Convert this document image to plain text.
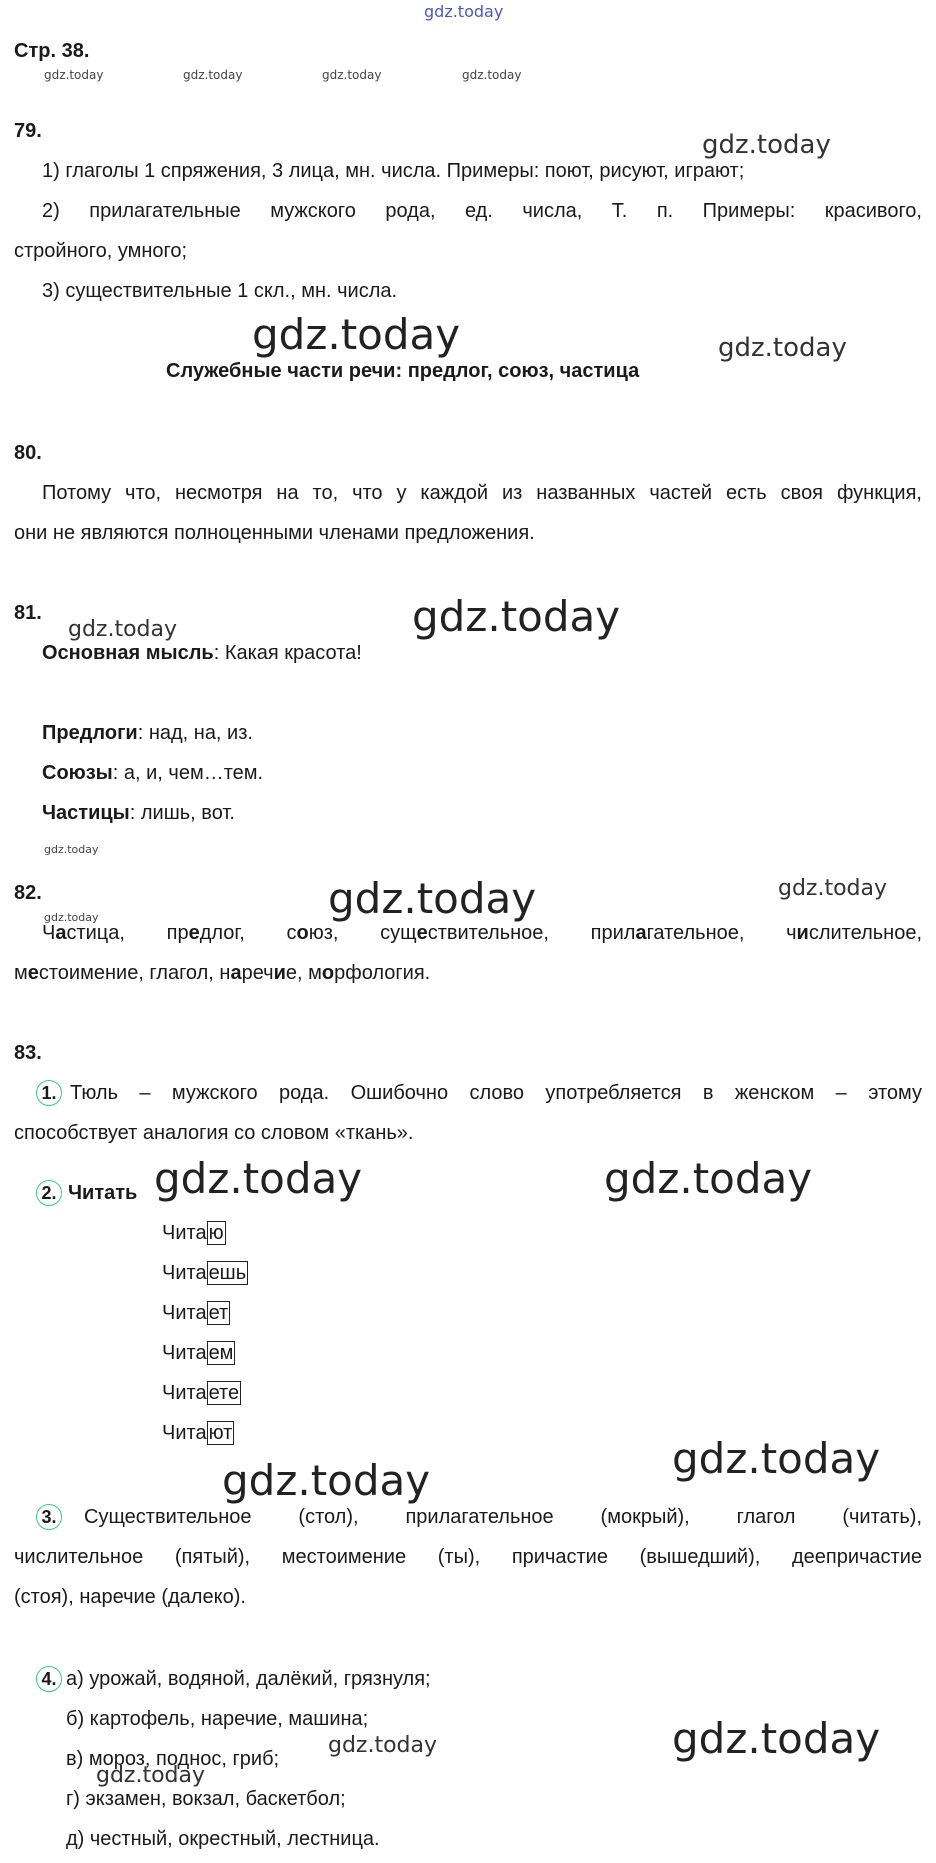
gdz.today
gdz.today	gdz.today	gdz.today	gdz.today
gdz.today
gdz.today	gdz.today
gdz.today	gdz.today
gdz.today
gdz.today	gdz.today
gdz.today
gdz.today	gdz.today
gdz.today
gdz.today
gdz.today	gdz.today
gdz.today
Стр. 38.
79.
1) глаголы 1 спряжения, 3 лица, мн. числа. Примеры: поют, рисуют, играют;
2) прилагательные мужского рода, ед. числа, Т. п. Примеры: красивого,
стройного, умного;
3) существительные 1 скл., мн. числа.
Служебные части речи: предлог, союз, частица
80.
Потому что, несмотря на то, что у каждой из названных частей есть своя функция,
они не являются полноценными членами предложения.
81.
Основная мысль: Какая красота!
Предлоги: над, на, из.
Союзы: а, и, чем…тем.
Частицы: лишь, вот.
82.
Частица, предлог, союз, существительное, прилагательное, числительное,
местоимение, глагол, наречие, морфология.
83.
1. Тюль – мужского рода. Ошибочно слово употребляется в женском – этому
способствует аналогия со словом «ткань».
2. Читать
Чита ю
Чита ешь
Чита ет
Чита ем
Чита ете
Чита ют
3. Существительное (стол), прилагательное (мокрый), глагол (читать),
числительное (пятый), местоимение (ты), причастие (вышедший), деепричастие
(стоя), наречие (далеко).
4. а) урожай, водяной, далёкий, грязнуля;
б) картофель, наречие, машина;
в) мороз, поднос, гриб;
г) экзамен, вокзал, баскетбол;
д) честный, окрестный, лестница.
